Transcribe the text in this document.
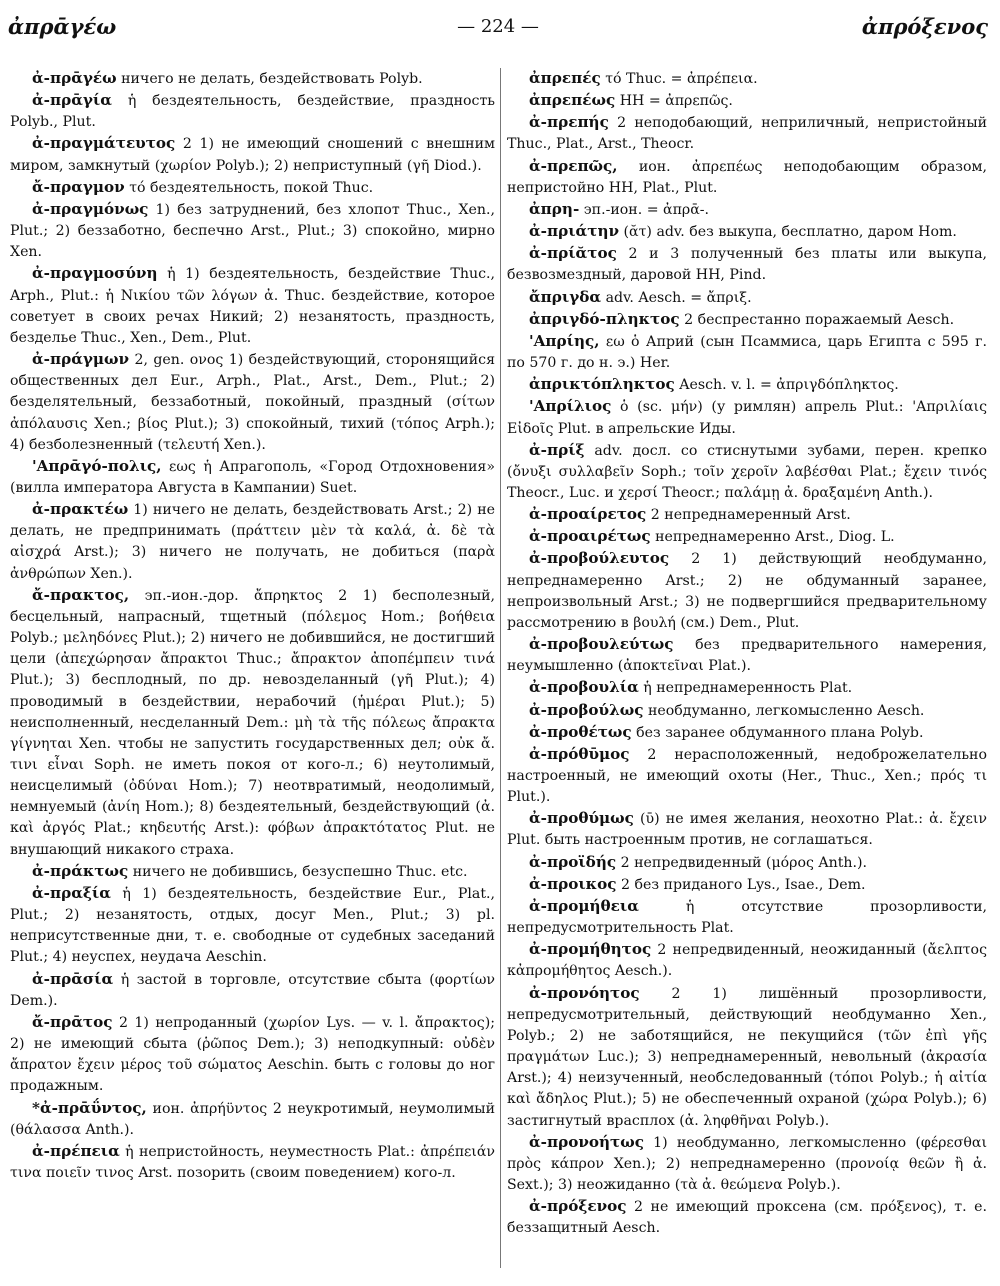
ἀπρᾱγέω	— 224 —	ἀπρόξενος

ἀ-πρᾱγέω ничего не делать, бездействовать Polyb.

ἀ-πρᾱγία ἡ бездеятельность, бездействие, праздность Polyb., Plut.

ἀ-πραγμάτευτος 2 1) не имеющий сношений с внешним миром, замкнутый (χωρίον Polyb.); 2) неприступный (γῆ Diod.).

ἄ-πραγμον τό бездеятельность, покой Thuc.

ἀ-πραγμόνως 1) без затруднений, без хлопот Thuc., Xen., Plut.; 2) беззаботно, беспечно Arst., Plut.; 3) спокойно, мирно Xen.

ἀ-πραγμοσύνη ἡ 1) бездеятельность, бездействие Thuc., Arph., Plut.: ἡ Νικίου τῶν λόγων ἀ. Thuc. бездействие, которое советует в своих речах Никий; 2) незанятость, праздность, безделье Thuc., Xen., Dem., Plut.

ἀ-πράγμων 2, gen. ονος 1) бездействующий, сторонящийся общественных дел Eur., Arph., Plat., Arst., Dem., Plut.; 2) безделятельный, беззаботный, покойный, праздный (σίτων ἀπόλαυσις Xen.; βίος Plut.); 3) спокойный, тихий (τόπος Arph.); 4) безболезненный (τελευτή Xen.).

'Απρᾱγό-πολις, εως ἡ Апрагополь, «Город Отдохновения» (вилла императора Августа в Кампании) Suet.

ἀ-πρακτέω 1) ничего не делать, бездействовать Arst.; 2) не делать, не предпринимать (πράττειν μὲν τὰ καλά, ἀ. δὲ τὰ αἰσχρά Arst.); 3) ничего не получать, не добиться (παρὰ ἀνθρώπων Xen.).

ἄ-πρακτος, эп.-ион.-дор. ἄπρηκτος 2 1) бесполезный, бесцельный, напрасный, тщетный (πόλεμος Hom.; βοήθεια Polyb.; μεληδόνες Plut.); 2) ничего не добившийся, не достигший цели (ἀπεχώρησαν ἄπρακτοι Thuc.; ἄπρακτον ἀποπέμπειν τινά Plut.); 3) бесплодный, по др. невозделанный (γῆ Plut.); 4) проводимый в бездействии, нерабочий (ἡμέραι Plut.); 5) неисполненный, несделанный Dem.: μὴ τὰ τῆς πόλεως ἄπρακτα γίγνηται Xen. чтобы не запустить государственных дел; οὐκ ἄ. τινι εἶναι Soph. не иметь покоя от кого-л.; 6) неутолимый, неисцелимый (ὀδύναι Hom.); 7) неотвратимый, неодолимый, немнуемый (ἀνίη Hom.); 8) бездеятельный, бездействующий (ἀ. καὶ ἀργός Plat.; κηδευτής Arst.): φόβων ἀπρακτότατος Plut. не внушающий никакого страха.

ἀ-πράκτως ничего не добившись, безуспешно Thuc. etc.

ἀ-πραξία ἡ 1) бездеятельность, бездействие Eur., Plat., Plut.; 2) незанятость, отдых, досуг Men., Plut.; 3) pl. неприсутственные дни, т. е. свободные от судебных заседаний Plut.; 4) неуспех, неудача Aeschin.

ἀ-πρᾱσία ἡ застой в торговле, отсутствие сбыта (φορτίων Dem.).

ἄ-πρᾱτος 2 1) непроданный (χωρίον Lys. — v. l. ἄπρακτος); 2) не имеющий сбыта (ῥῶπος Dem.); 3) неподкупный: οὐδὲν ἄπρατον ἔχειν μέρος τοῦ σώματος Aeschin. быть с головы до ног продажным.

*ἀ-πρᾱΰντος, ион. ἀπρήϋντος 2 неукротимый, неумолимый (θάλασσα Anth.).

ἀ-πρέπεια ἡ непристойность, неуместность Plat.: ἀπρέπειάν τινα ποιεῖν τινος Arst. позорить (своим поведением) кого-л.

ἀπρεπές τό Thuc. = ἀπρέπεια.

ἀπρεπέως HH = ἀπρεπῶς.

ἀ-πρεπής 2 неподобающий, неприличный, непристойный Thuc., Plat., Arst., Theocr.

ἀ-πρεπῶς, ион. ἀπρεπέως неподобающим образом, непристойно HH, Plat., Plut.

ἀπρη- эп.-ион. = ἀπρᾱ-.

ἀ-πριάτην (ᾰτ) adv. без выкупа, бесплатно, даром Hom.

ἀ-πρίᾰτος 2 и 3 полученный без платы или выкупа, безвозмездный, даровой HH, Pind.

ἄπριγδα adv. Aesch. = ἄπριξ.

ἀπριγδό-πληκτος 2 беспрестанно поражаемый Aesch.

'Απρίης, εω ὁ Априй (сын Псаммиса, царь Египта с 595 г. по 570 г. до н. э.) Her.

ἀπρικτόπληκτος Aesch. v. l. = ἀπριγδόπληκτος.

'Απρίλιος ὁ (sc. μήν) (у римлян) апрель Plut.: 'Απριλίαις Εἰδοῖς Plut. в апрельские Иды.

ἀ-πρίξ adv. досл. со стиснутыми зубами, перен. крепко (ὄνυξι συλλαβεῖν Soph.; τοῖν χεροῖν λαβέσθαι Plat.; ἔχειν τινός Theocr., Luc. и χερσί Theocr.; παλάμῃ ἀ. δραξαμένη Anth.).

ἀ-προαίρετος 2 непреднамеренный Arst.

ἀ-προαιρέτως непреднамеренно Arst., Diog. L.

ἀ-προβούλευτος 2 1) действующий необдуманно, непреднамеренно Arst.; 2) не обдуманный заранее, непроизвольный Arst.; 3) не подвергшийся предварительному рассмотрению в βουλή (см.) Dem., Plut.

ἀ-προβουλεύτως без предварительного намерения, неумышленно (ἀποκτεῖναι Plat.).

ἀ-προβουλία ἡ непреднамеренность Plat.

ἀ-προβούλως необдуманно, легкомысленно Aesch.

ἀ-προθέτως без заранее обдуманного плана Polyb.

ἀ-πρόθῡμος 2 нерасположенный, недоброжелательно настроенный, не имеющий охоты (Her., Thuc., Xen.; πρός τι Plut.).

ἀ-προθύμως (ῡ) не имея желания, неохотно Plat.: ἀ. ἔχειν Plut. быть настроенным против, не соглашаться.

ἀ-προϊδής 2 непредвиденный (μόρος Anth.).

ἀ-προικος 2 без приданого Lys., Isae., Dem.

ἀ-προμήθεια ἡ отсутствие прозорливости, непредусмотрительность Plat.

ἀ-προμήθητος 2 непредвиденный, неожиданный (ἄελπτος κἀπρομήθητος Aesch.).

ἀ-προνόητος 2 1) лишённый прозорливости, непредусмотрительный, действующий необдуманно Xen., Polyb.; 2) не заботящийся, не пекущийся (τῶν ἐπὶ γῆς πραγμάτων Luc.); 3) непреднамеренный, невольный (ἀκρασία Arst.); 4) неизученный, необследованный (τόποι Polyb.; ἡ αἰτία καὶ ἄδηλος Plut.); 5) не обеспеченный охраной (χώρα Polyb.); 6) застигнутый врасплох (ἀ. ληφθῆναι Polyb.).

ἀ-προνοήτως 1) необдуманно, легкомысленно (φέρεσθαι πρὸς κάπρον Xen.); 2) непреднамеренно (προνοίᾳ θεῶν ἢ ἀ. Sext.); 3) неожиданно (τὰ ἀ. θεώμενα Polyb.).

ἀ-πρόξενος 2 не имеющий проксена (см. πρόξενος), т. е. беззащитный Aesch.
